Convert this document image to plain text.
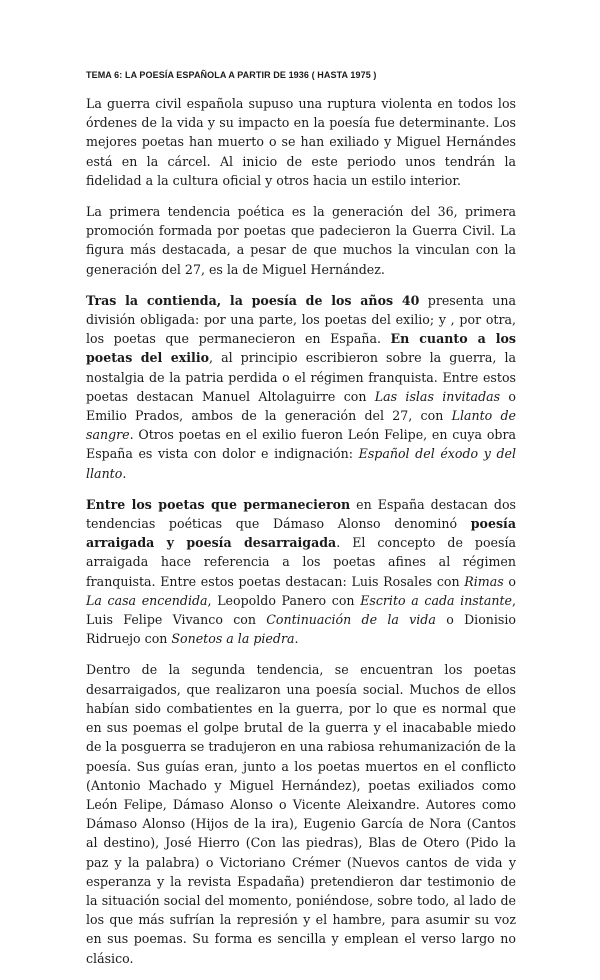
TEMA 6: LA POESÍA ESPAÑOLA A PARTIR DE 1936 ( HASTA 1975 )

La guerra civil española supuso una ruptura violenta en todos los órdenes de la vida y su impacto en la poesía fue determinante. Los mejores poetas han muerto o se han exiliado y Miguel Hernándes está en la cárcel. Al inicio de este periodo unos tendrán la fidelidad a la cultura oficial y otros hacia un estilo interior.

La primera tendencia poética es la generación del 36, primera promoción formada por poetas que padecieron la Guerra Civil. La figura más destacada, a pesar de que muchos la vinculan con la generación del 27, es la de Miguel Hernández.

Tras la contienda, la poesía de los años 40 presenta una división obligada: por una parte, los poetas del exilio; y , por otra, los poetas que permanecieron en España. En cuanto a los poetas del exilio, al principio escribieron sobre la guerra, la nostalgia de la patria perdida o el régimen franquista. Entre estos poetas destacan Manuel Altolaguirre con Las islas invitadas o Emilio Prados, ambos de la generación del 27, con Llanto de sangre. Otros poetas en el exilio fueron León Felipe, en cuya obra España es vista con dolor e indignación: Español del éxodo y del llanto.

Entre los poetas que permanecieron en España destacan dos tendencias poéticas que Dámaso Alonso denominó poesía arraigada y poesía desarraigada. El concepto de poesía arraigada hace referencia a los poetas afines al régimen franquista. Entre estos poetas destacan: Luis Rosales con Rimas o La casa encendida, Leopoldo Panero con Escrito a cada instante, Luis Felipe Vivanco con Continuación de la vida o Dionisio Ridruejo con Sonetos a la piedra.

Dentro de la segunda tendencia, se encuentran los poetas desarraigados, que realizaron una poesía social. Muchos de ellos habían sido combatientes en la guerra, por lo que es normal que en sus poemas el golpe brutal de la guerra y el inacabable miedo de la posguerra se tradujeron en una rabiosa rehumanización de la poesía. Sus guías eran, junto a los poetas muertos en el conflicto (Antonio Machado y Miguel Hernández), poetas exiliados como León Felipe, Dámaso Alonso o Vicente Aleixandre. Autores como Dámaso Alonso (Hijos de la ira), Eugenio García de Nora (Cantos al destino), José Hierro (Con las piedras), Blas de Otero (Pido la paz y la palabra) o Victoriano Crémer (Nuevos cantos de vida y esperanza y la revista Espadaña) pretendieron dar testimonio de la situación social del momento, poniéndose, sobre todo, al lado de los que más sufrían la represión y el hambre, para asumir su voz en sus poemas. Su forma es sencilla y emplean el verso largo no clásico.
